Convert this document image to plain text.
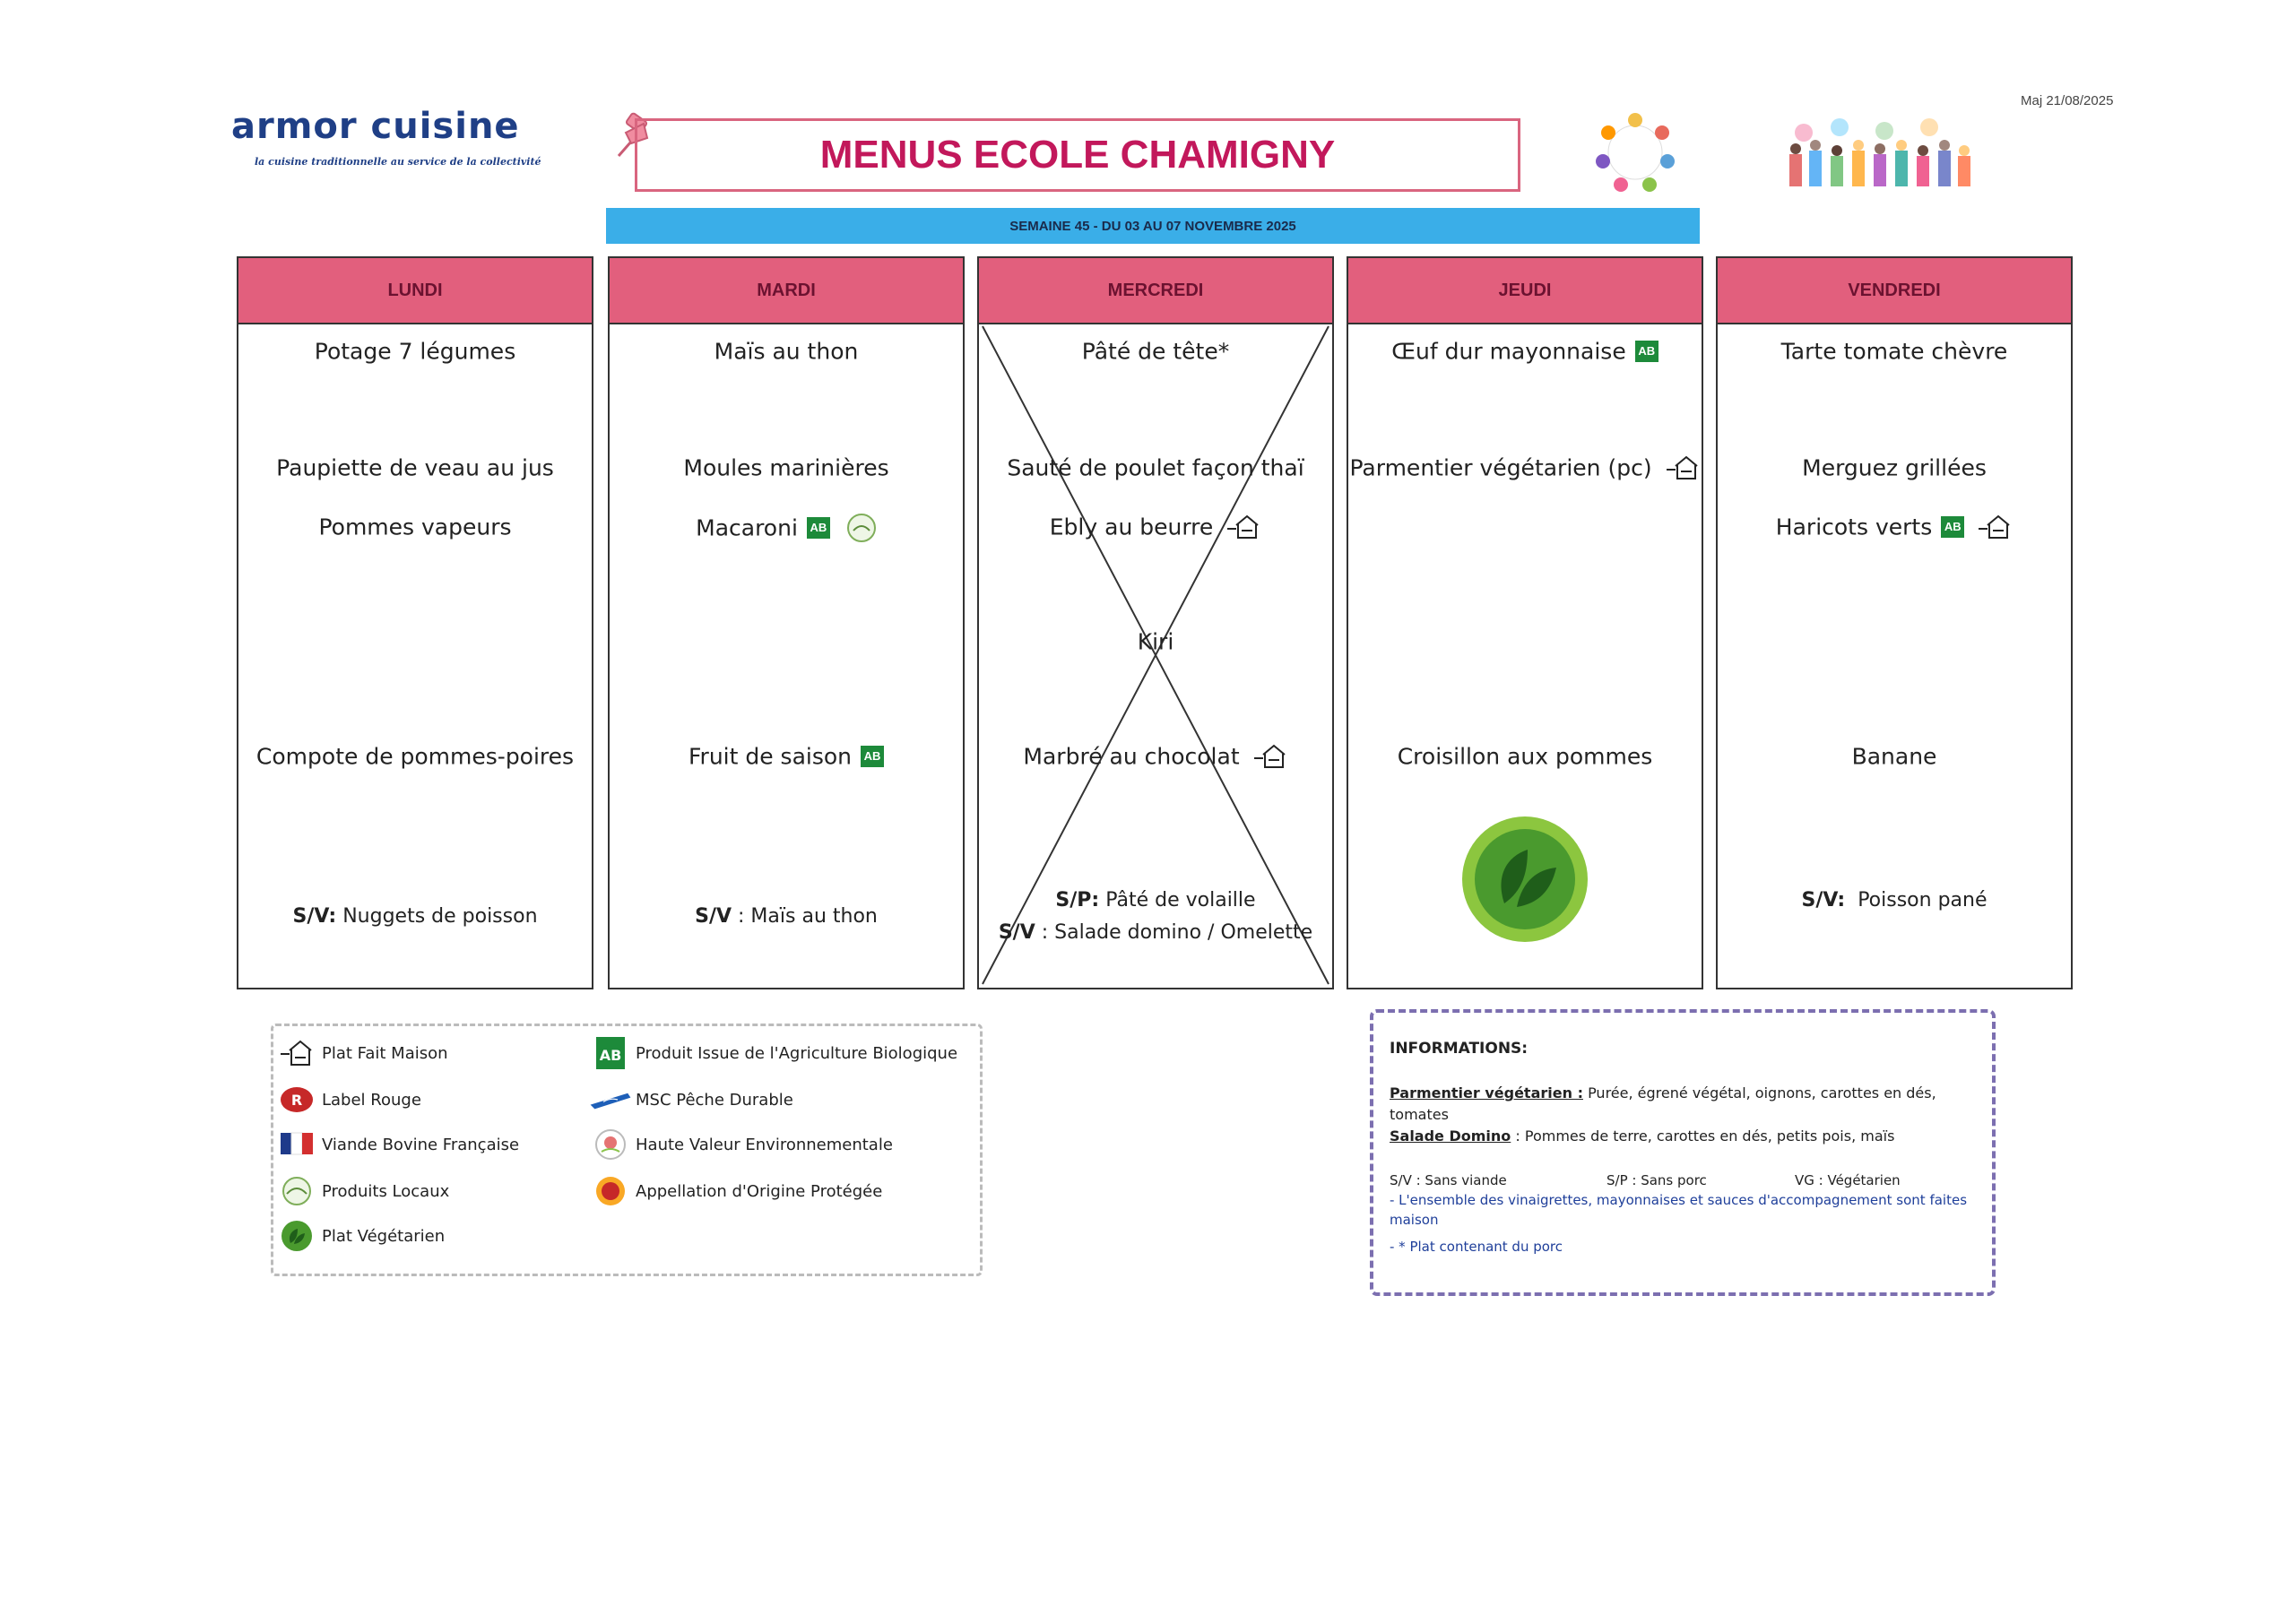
Maj 21/08/2025
armor cuisine
la cuisine traditionnelle au service de la collectivité	MENUS ECOLE CHAMIGNY
SEMAINE 45 - DU 03 AU 07 NOVEMBRE 2025
LUNDI
Potage 7 légumes
Paupiette de veau au jus
Pommes vapeurs
Compote de pommes-poires
S/V: Nuggets de poisson
MARDI
Maïs au thon
Moules marinières
Macaroni AB
Fruit de saison AB
S/V : Maïs au thon
MERCREDI
Pâté de tête*
Sauté de poulet façon thaï
Ebly au beurre
Kiri
Marbré au chocolat
S/P: Pâté de volaille
S/V : Salade domino / Omelette
JEUDI
Œuf dur mayonnaise AB
Parmentier végétarien (pc)
Croisillon aux pommes
VENDREDI
Tarte tomate chèvre
Merguez grillées
Haricots verts AB
Banane
S/V: Poisson pané
Plat Fait Maison
R Label Rouge
Viande Bovine Française
Produits Locaux
Plat Végétarien
AB Produit Issue de l'Agriculture Biologique
MSC Pêche Durable
Haute Valeur Environnementale
Appellation d'Origine Protégée
INFORMATIONS:
Parmentier végétarien : Purée, égrené végétal, oignons, carottes en dés,
tomates
Salade Domino : Pommes de terre, carottes en dés, petits pois, maïs
S/V : Sans viande	S/P : Sans porc	VG : Végétarien
- L'ensemble des vinaigrettes, mayonnaises et sauces d'accompagnement sont faites
maison
- * Plat contenant du porc
